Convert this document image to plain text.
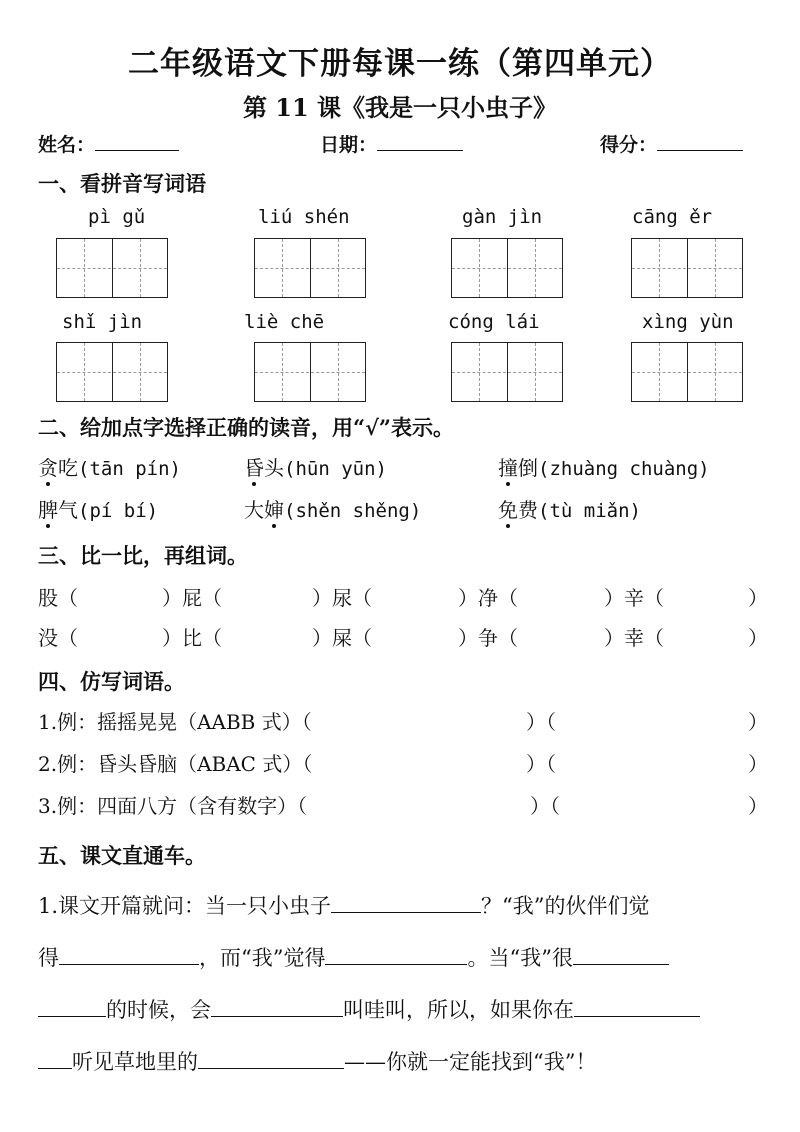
二年级语文下册每课一练（第四单元）
第 11 课《我是一只小虫子》
姓名：	日期：	得分：
一、看拼音写词语
pì gǔ	liú shén	gàn jìn	cāng ěr
shǐ jìn	liè chē	cóng lái	xìng yùn
二、给加点字选择正确的读音，用“√”表示。
贪吃(tān pín)	昏头(hūn yūn)	撞倒(zhuàng chuàng)
脾气(pí bí)	大婶(shěn shěng)	免费(tù miǎn)
三、比一比，再组词。
股（	）屁（	）尿（	）净（	）辛（	）
没（	）比（	）屎（	）争（	）幸（	）
四、仿写词语。
1.例：摇摇晃晃（AABB 式）（	）（	）
2.例：昏头昏脑（ABAC 式）（	）（	）
3.例：四面八方（含有数字）（	）（	）
五、课文直通车。
1.课文开篇就问：当一只小虫子	？“我”的伙伴们觉
得	，而“我”觉得	。当“我”很
的时候，会	叫哇叫，所以，如果你在
听见草地里的	——你就一定能找到“我”！
